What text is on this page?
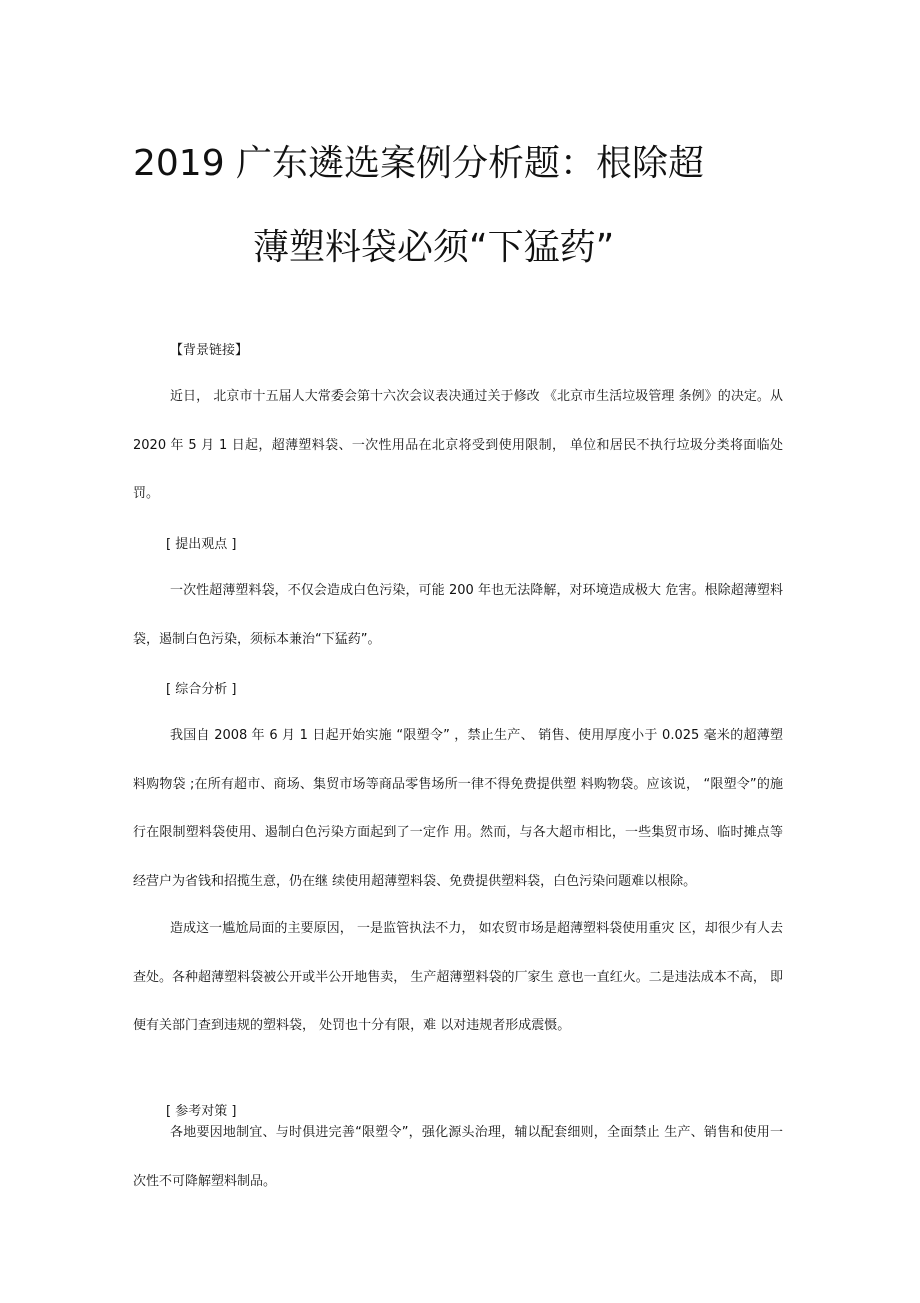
2019 广东遴选案例分析题：根除超
薄塑料袋必须“下猛药”
【背景链接】
近日， 北京市十五届人大常委会第十六次会议表决通过关于修改 《北京市生活垃圾管理 条例》的决定。从 2020 年 5 月 1 日起，超薄塑料袋、一次性用品在北京将受到使用限制， 单位和居民不执行垃圾分类将面临处罚。
[ 提出观点 ]
一次性超薄塑料袋，不仅会造成白色污染，可能 200 年也无法降解，对环境造成极大 危害。根除超薄塑料袋，遏制白色污染，须标本兼治“下猛药”。
[ 综合分析 ]
我国自 2008 年 6 月 1 日起开始实施 “限塑令” ，禁止生产、 销售、使用厚度小于 0.025 毫米的超薄塑料购物袋 ;在所有超市、商场、集贸市场等商品零售场所一律不得免费提供塑 料购物袋。应该说， “限塑令”的施行在限制塑料袋使用、遏制白色污染方面起到了一定作 用。然而，与各大超市相比，一些集贸市场、临时摊点等经营户为省钱和招揽生意，仍在继 续使用超薄塑料袋、免费提供塑料袋，白色污染问题难以根除。
造成这一尴尬局面的主要原因， 一是监管执法不力， 如农贸市场是超薄塑料袋使用重灾 区，却很少有人去查处。各种超薄塑料袋被公开或半公开地售卖， 生产超薄塑料袋的厂家生 意也一直红火。二是违法成本不高， 即便有关部门查到违规的塑料袋， 处罚也十分有限，难 以对违规者形成震慑。
[ 参考对策 ]
各地要因地制宜、与时俱进完善“限塑令”，强化源头治理，辅以配套细则，全面禁止 生产、销售和使用一次性不可降解塑料制品。
